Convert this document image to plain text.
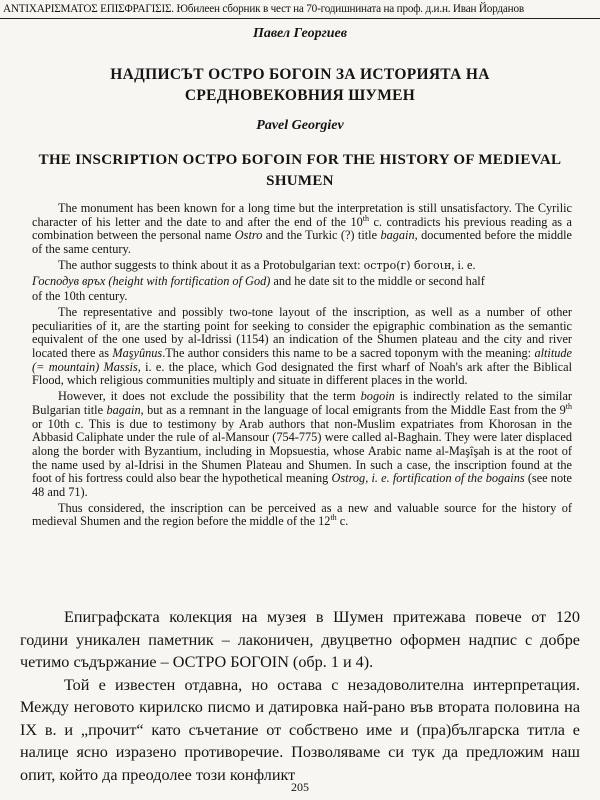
ANTIXAPIΣMATOΣ EΠIΣΦPAΓIΣIΣ. Юбилеен сборник в чест на 70-годишнината на проф. д.и.н. Иван Йорданов
Павел Георгиев
НАДПИСЪТ ОСТРО БОГОIN ЗА ИСТОРИЯТА НА СРЕДНОВЕКОВНИЯ ШУМЕН
Pavel Georgiev
THE INSCRIPTION ОСТРО БОГОIN FOR THE HISTORY OF MEDIEVAL SHUMEN

The monument has been known for a long time but the interpretation is still unsatisfactory. The Cyrilic character of his letter and the date to and after the end of the 10th c. contradicts his previous reading as a combination between the personal name Ostro and the Turkic (?) title bagain, documented before the middle of the same century.

The author suggests to think about it as a Protobulgarian text: остро(г) богоιн, i. e.

Господув връх (height with fortification of God) and he date sit to the middle or second half

of the 10th century.

The representative and possibly two-tone layout of the inscription, as well as a number of other peculiarities of it, are the starting point for seeking to consider the epigraphic combination as the semantic equivalent of the one used by al-Idrissi (1154) an indication of the Shumen plateau and the city and river located there as Maşyûnus.The author considers this name to be a sacred toponym with the meaning: altitude (= mountain) Massis, i. e. the place, which God designated the first wharf of Noah's ark after the Biblical Flood, which religious communities multiply and situate in different places in the world.

However, it does not exclude the possibility that the term bogoin is indirectly related to the similar Bulgarian title bagain, but as a remnant in the language of local emigrants from the Middle East from the 9th or 10th c. This is due to testimony by Arab authors that non-Muslim expatriates from Khorosan in the Abbasid Caliphate under the rule of al-Mansour (754-775) were called al-Baghain. They were later displaced along the border with Byzantium, including in Mopsuestia, whose Arabic name al-Maşîşah is at the root of the name used by al-Idrisi in the Shumen Plateau and Shumen. In such a case, the inscription found at the foot of his fortress could also bear the hypothetical meaning Ostrog, i. e. fortification of the bogains (see note 48 and 71).

Thus considered, the inscription can be perceived as a new and valuable source for the history of medieval Shumen and the region before the middle of the 12th c.

Епиграфската колекция на музея в Шумен притежава повече от 120 години уникален паметник – лаконичен, двуцветно оформен надпис с добре четимо съдържание – ОСТРО БОГОIN (обр. 1 и 4).

Той е известен отдавна, но остава с незадоволителна интерпретация. Между неговото кирилско писмо и датировка най-рано във втората половина на IX в. и „прочит“ като съчетание от собствено име и (пра)българска титла е налице ясно изразено противоречие. Позволяваме си тук да предложим наш опит, който да преодолее този конфликт

205
